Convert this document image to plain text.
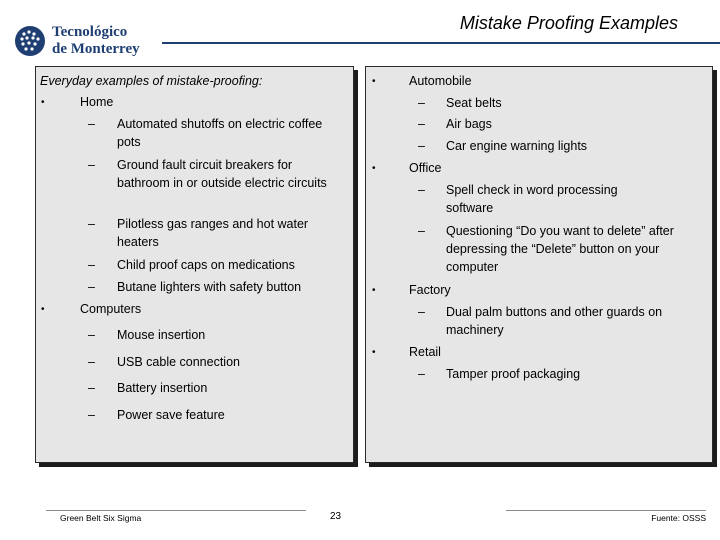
Tecnológico
de Monterrey
Mistake Proofing Examples
Everyday examples of mistake-proofing:
•	Home
– Automated shutoffs on electric coffee pots
– Ground fault circuit breakers for bathroom in or outside electric circuits
– Pilotless gas ranges and hot water heaters
– Child proof caps on medications
– Butane lighters with safety button
•	Computers
– Mouse insertion
– USB cable connection
– Battery insertion
– Power save feature
•	Automobile
– Seat belts
– Air bags
– Car engine warning lights
•	Office
– Spell check in word processing software
– Questioning “Do you want to delete” after depressing the “Delete” button on your computer
•	Factory
– Dual palm buttons and other guards on machinery
•	Retail
– Tamper proof packaging
Green Belt Six Sigma	23	Fuente: OSSS
